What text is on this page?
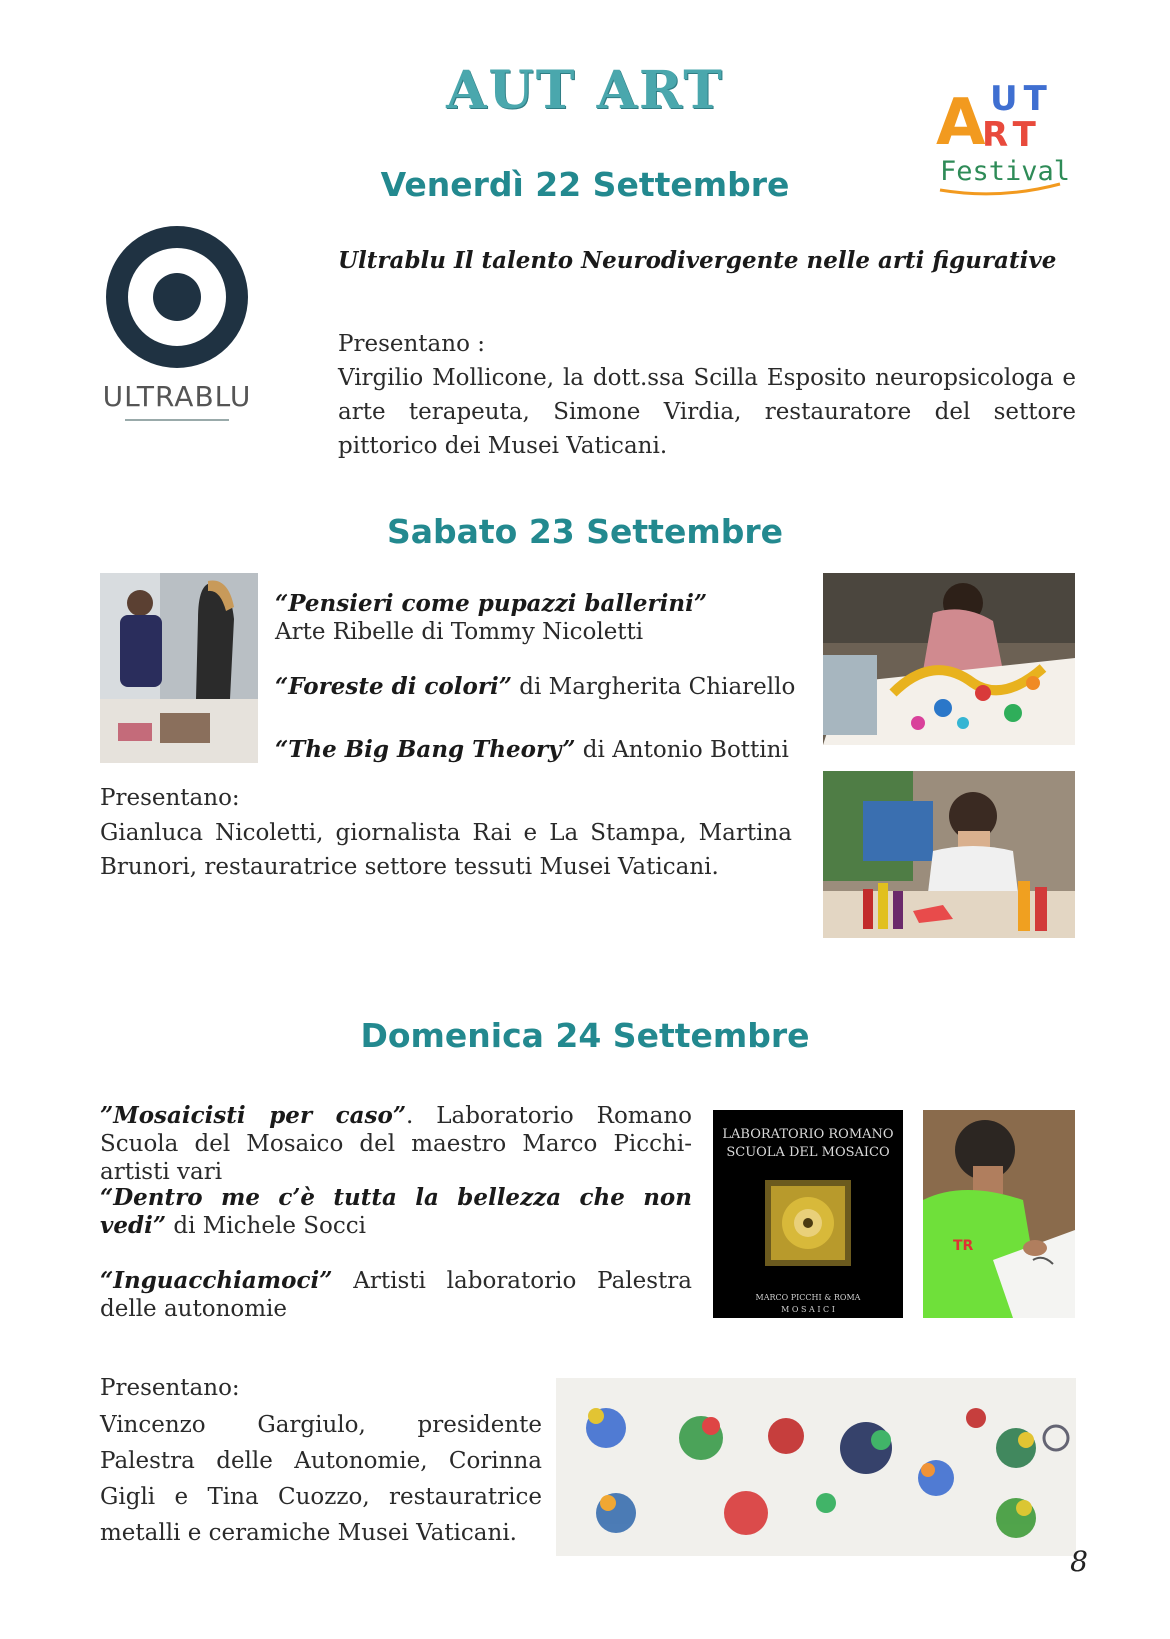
AUT ART	A UT
RT
Festival
Venerdì 22 Settembre
ULTRABLU
Ultrablu Il talento Neurodivergente nelle arti figurative
Presentano :
Virgilio Mollicone, la dott.ssa Scilla Esposito neuropsicologa e arte terapeuta, Simone Virdia, restauratore del settore pittorico dei Musei Vaticani.
Sabato 23 Settembre
“Pensieri come pupazzi ballerini”
Arte Ribelle di Tommy Nicoletti
“Foreste di colori” di Margherita Chiarello
“The Big Bang Theory” di Antonio Bottini
Presentano:
Gianluca Nicoletti, giornalista Rai e La Stampa, Martina Brunori, restauratrice settore tessuti Musei Vaticani.
Domenica 24 Settembre
”Mosaicisti per caso”. Laboratorio Romano Scuola del Mosaico del maestro Marco Picchi- artisti vari
“Dentro me c’è tutta la bellezza che non vedi” di Michele Socci
“Inguacchiamoci” Artisti laboratorio Palestra delle autonomie
LABORATORIO ROMANO
SCUOLA DEL MOSAICO
MARCO PICCHI & ROMA
M O S A I C I
TR
Presentano:
Vincenzo Gargiulo, presidente Palestra delle Autonomie, Corinna Gigli e Tina Cuozzo, restauratrice metalli e ceramiche Musei Vaticani.
8
